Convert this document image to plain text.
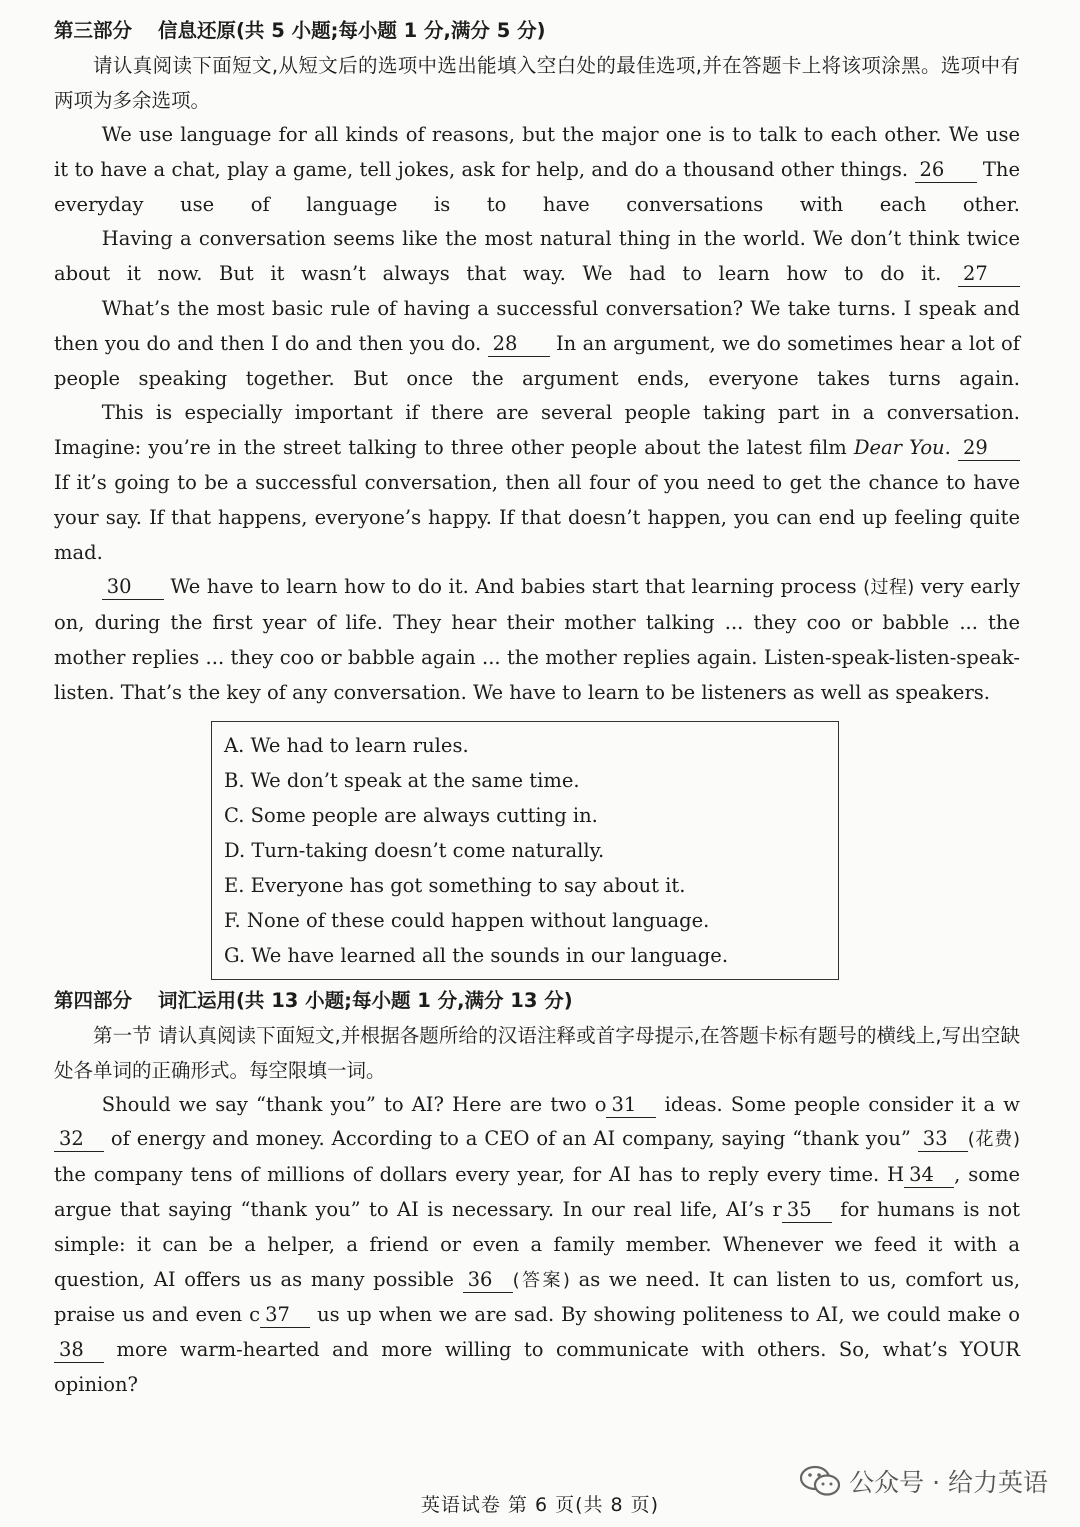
第三部分 信息还原(共 5 小题;每小题 1 分,满分 5 分)
请认真阅读下面短文,从短文后的选项中选出能填入空白处的最佳选项,并在答题卡上将该项涂黑。选项中有两项为多余选项。

We use language for all kinds of reasons, but the major one is to talk to each other. We use it to have a chat, play a game, tell jokes, ask for help, and do a thousand other things. 26 The everyday use of language is to have conversations with each other.

Having a conversation seems like the most natural thing in the world. We don’t think twice about it now. But it wasn’t always that way. We had to learn how to do it. 27

What’s the most basic rule of having a successful conversation? We take turns. I speak and then you do and then I do and then you do. 28 In an argument, we do sometimes hear a lot of people speaking together. But once the argument ends, everyone takes turns again.

This is especially important if there are several people taking part in a conversation. Imagine: you’re in the street talking to three other people about the latest film Dear You. 29 If it’s going to be a successful conversation, then all four of you need to get the chance to have your say. If that happens, everyone’s happy. If that doesn’t happen, you can end up feeling quite mad.

30 We have to learn how to do it. And babies start that learning process (过程) very early on, during the first year of life. They hear their mother talking ... they coo or babble ... the mother replies ... they coo or babble again ... the mother replies again. Listen-speak-listen-speak-listen. That’s the key of any conversation. We have to learn to be listeners as well as speakers.

A. We had to learn rules.
B. We don’t speak at the same time.
C. Some people are always cutting in.
D. Turn-taking doesn’t come naturally.
E. Everyone has got something to say about it.
F. None of these could happen without language.
G. We have learned all the sounds in our language.
第四部分 词汇运用(共 13 小题;每小题 1 分,满分 13 分)
第一节 请认真阅读下面短文,并根据各题所给的汉语注释或首字母提示,在答题卡标有题号的横线上,写出空缺处各单词的正确形式。每空限填一词。

Should we say “thank you” to AI? Here are two o 31 ideas. Some people consider it a w32 of energy and money. According to a CEO of an AI company, saying “thank you” 33 (花费) the company tens of millions of dollars every year, for AI has to reply every time. H 34 , some argue that saying “thank you” to AI is necessary. In our real life, AI’s r 35 for humans is not simple: it can be a helper, a friend or even a family member. Whenever we feed it with a question, AI offers us as many possible 36 (答案) as we need. It can listen to us, comfort us, praise us and even c 37 us up when we are sad. By showing politeness to AI, we could make o38 more warm-hearted and more willing to communicate with others. So, what’s YOUR opinion?

公众号 · 给力英语
英语试卷 第 6 页(共 8 页)
